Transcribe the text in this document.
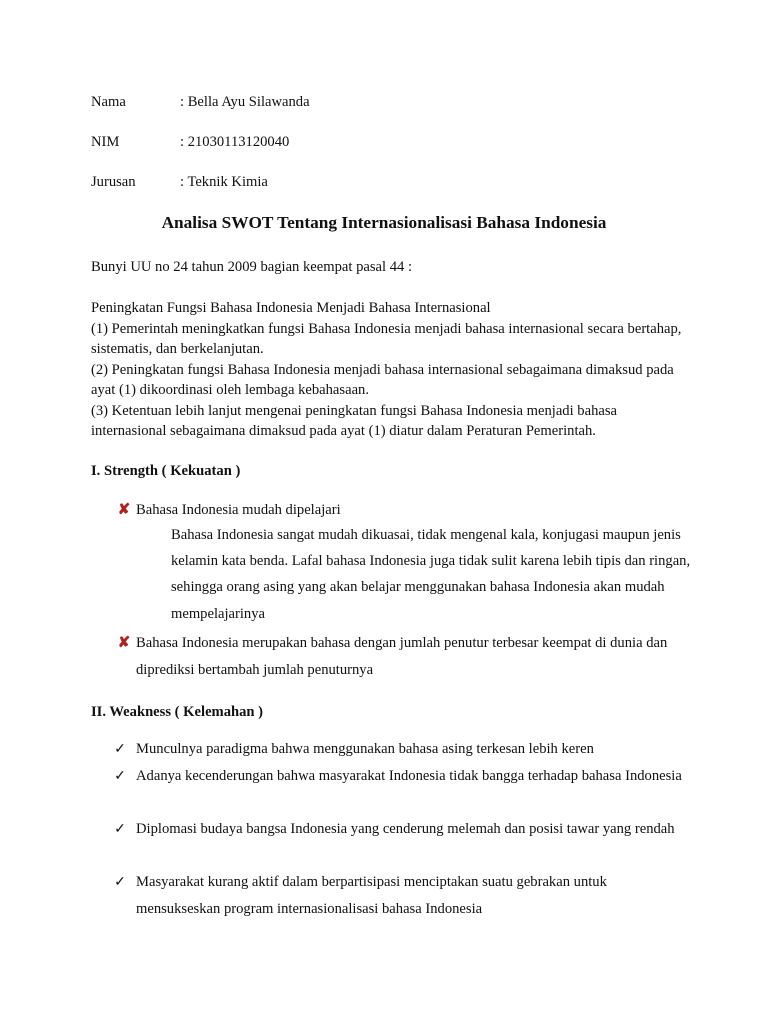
Nama	: Bella Ayu Silawanda
NIM	: 21030113120040
Jurusan	: Teknik Kimia
Analisa SWOT Tentang Internasionalisasi Bahasa Indonesia
Bunyi UU no 24 tahun 2009 bagian keempat pasal 44 :

Peningkatan Fungsi Bahasa Indonesia Menjadi Bahasa Internasional

(1) Pemerintah meningkatkan fungsi Bahasa Indonesia menjadi bahasa internasional secara bertahap, sistematis, dan berkelanjutan.

(2) Peningkatan fungsi Bahasa Indonesia menjadi bahasa internasional sebagaimana dimaksud pada ayat (1) dikoordinasi oleh lembaga kebahasaan.

(3) Ketentuan lebih lanjut mengenai peningkatan fungsi Bahasa Indonesia menjadi bahasa internasional sebagaimana dimaksud pada ayat (1) diatur dalam Peraturan Pemerintah.

I. Strength ( Kekuatan )
✘ Bahasa Indonesia mudah dipelajari
Bahasa Indonesia sangat mudah dikuasai, tidak mengenal kala, konjugasi maupun jenis kelamin kata benda. Lafal bahasa Indonesia juga tidak sulit karena lebih tipis dan ringan, sehingga orang asing yang akan belajar menggunakan bahasa Indonesia akan mudah mempelajarinya
✘ Bahasa Indonesia merupakan bahasa dengan jumlah penutur terbesar keempat di dunia dan diprediksi bertambah jumlah penuturnya
II. Weakness ( Kelemahan )
✓ Munculnya paradigma bahwa menggunakan bahasa asing terkesan lebih keren
✓ Adanya kecenderungan bahwa masyarakat Indonesia tidak bangga terhadap bahasa Indonesia
✓ Diplomasi budaya bangsa Indonesia yang cenderung melemah dan posisi tawar yang rendah
✓ Masyarakat kurang aktif dalam berpartisipasi menciptakan suatu gebrakan untuk mensukseskan program internasionalisasi bahasa Indonesia
